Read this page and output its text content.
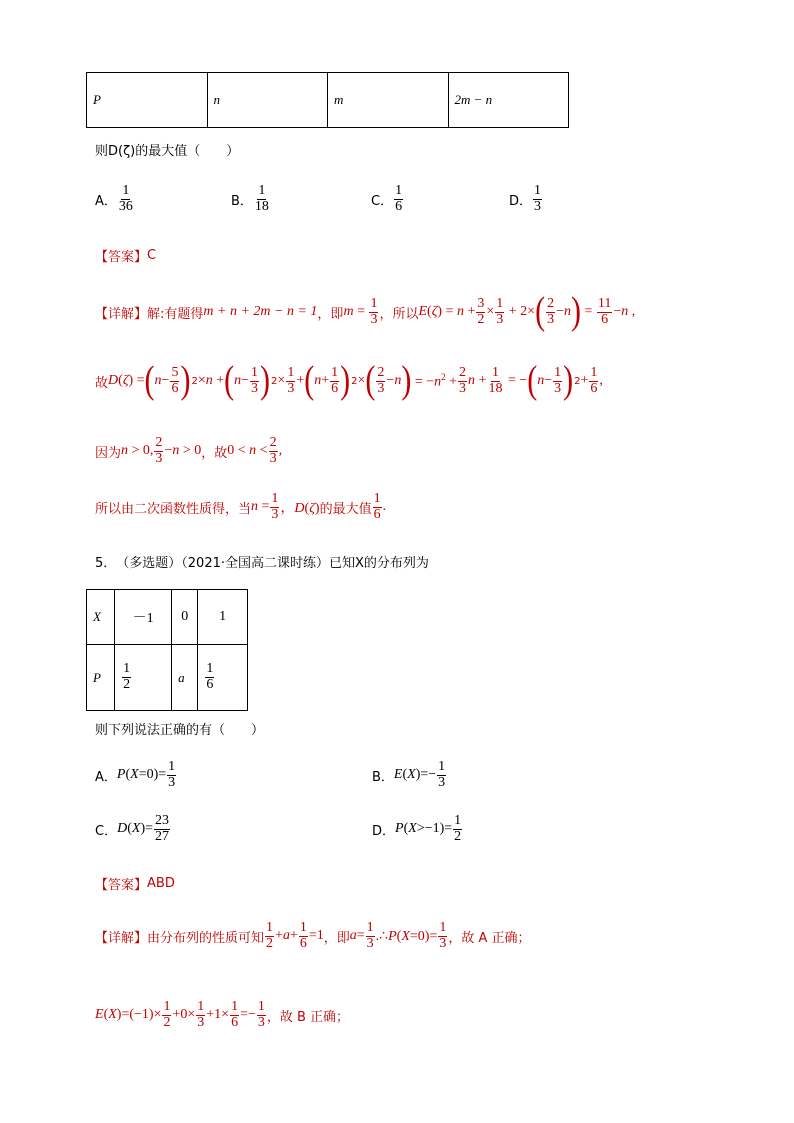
P	n	m	2m − n
则D(ζ)的最大值（　　）
A． $\frac{1}{36}$	B． $\frac{1}{18}$	C． $\frac{1}{6}$	D． $\frac{1}{3}$
【答案】 C
【详解】 解:有题得 m + n + 2m − n = 1 ，即 $m = \frac{1}{3}$ ，所以 $E(\zeta) = n + \frac{3}{2} \times \frac{1}{3} + 2\times$ ( $\frac{2}{3} -n$ ) = $\frac{11}{6} -n$ ,
故 D(ζ) = ( $n- \frac{5}{6}$ ) 2 ×n + ( $n- \frac{1}{3}$ ) $2 \times \frac{1}{3}$ + ( $n+ \frac{1}{6}$ ) 2 × ( $\frac{2}{3} -n$ ) = $-n^2 + \frac{2}{3}$ $n + \frac{1}{18}$ = − ( $n- \frac{1}{3}$ ) $2 + \frac{1}{6}$ ,
因为 n > 0, $\frac{2}{3} -n > 0$ ，故 $0 < n < \frac{2}{3}$ ,
所以由二次函数性质得，当 $n = \frac{1}{3}$ ，D(ζ) 的最大值 $\frac{1}{6}$ .
5． （多选题）（2021·全国高二课时练） 已知X的分布列为
X	－1	0	1
P	$\frac{1}{2}$	a	$\frac{1}{6}$
则下列说法正确的有（　　）
A． $P(X=0)= \frac{1}{3}$	B． $E(X)=- \frac{1}{3}$
C． $D(X)= \frac{23}{27}$	D． $P(X>-1)= \frac{1}{2}$
【答案】 ABD
【详解】 由分布列的性质可知 $\frac{1}{2} +a+ \frac{1}{6} =1$ ，即 $a= \frac{1}{3}$ .∴P(X=0)= $\frac{1}{3}$ ，故 A 正确；
$E(X)=(-1)\times \frac{1}{2} +0\times \frac{1}{3} +1\times \frac{1}{6} =- \frac{1}{3}$ ，故 B 正确；
